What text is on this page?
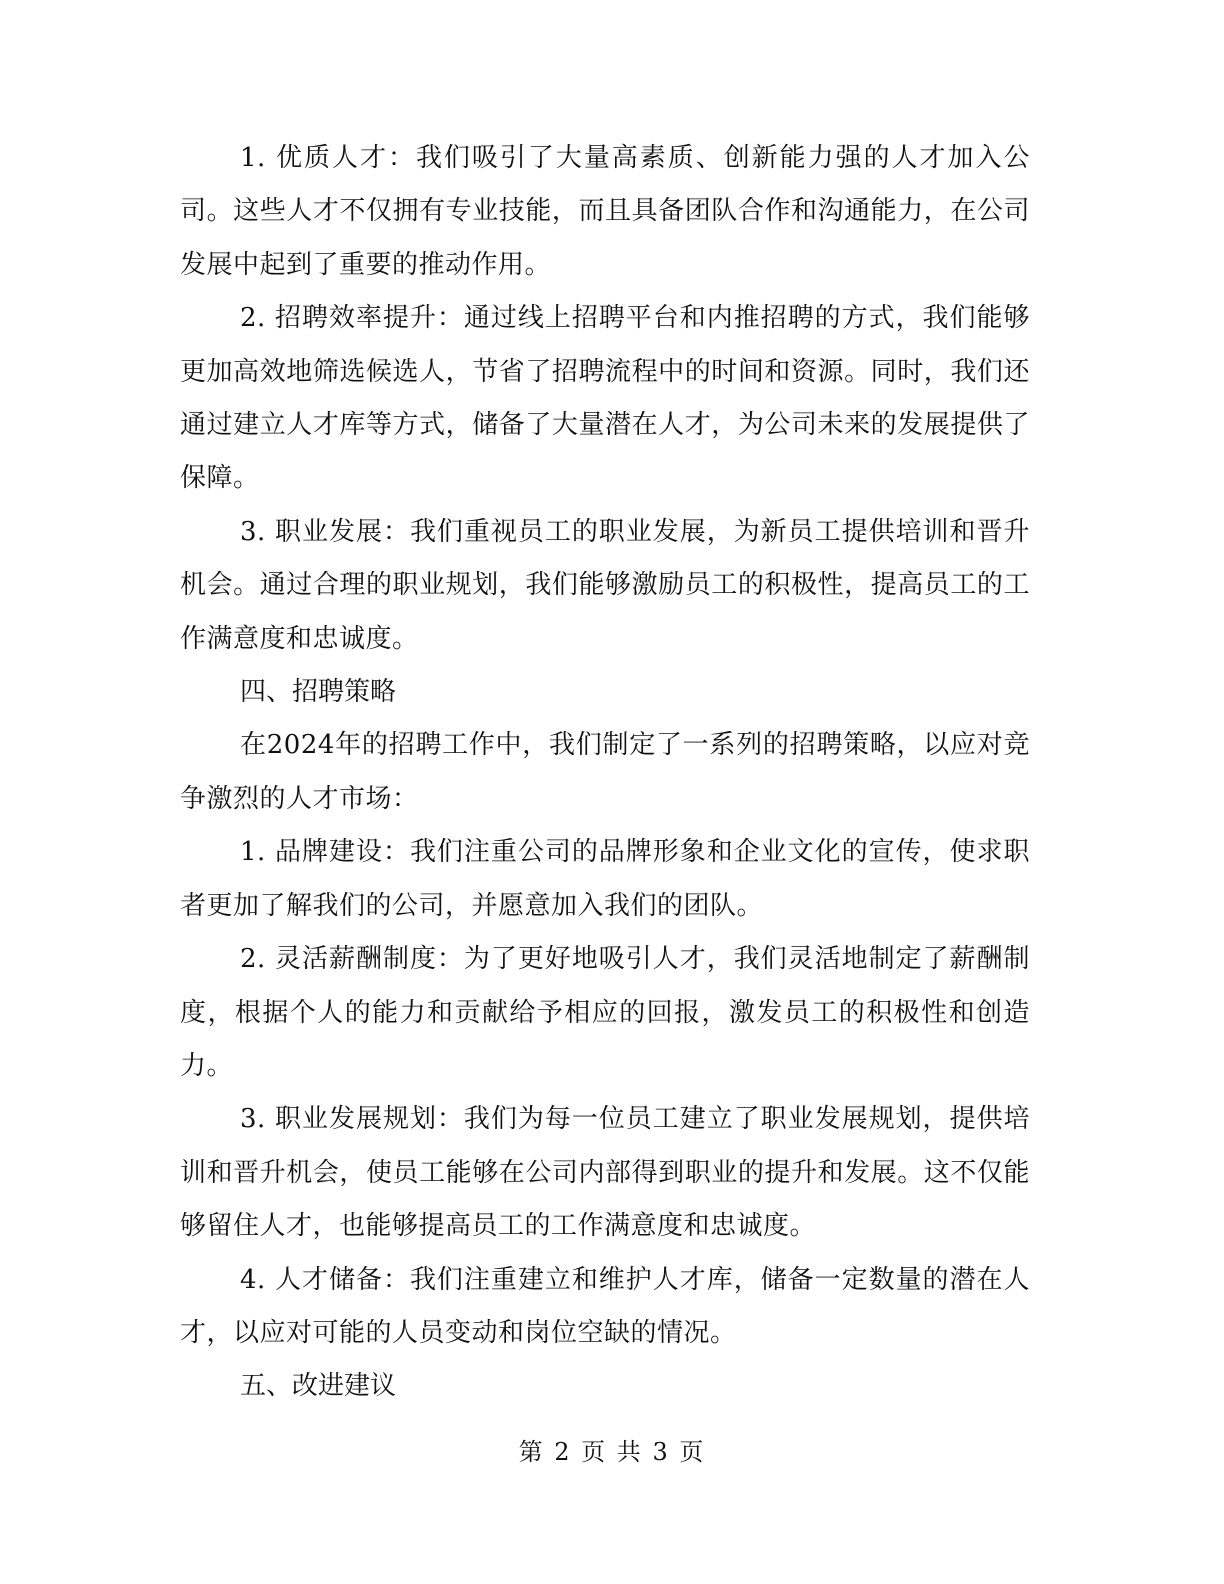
1. 优质人才：我们吸引了大量高素质、创新能力强的人才加入公司。这些人才不仅拥有专业技能，而且具备团队合作和沟通能力，在公司发展中起到了重要的推动作用。

2. 招聘效率提升：通过线上招聘平台和内推招聘的方式，我们能够更加高效地筛选候选人，节省了招聘流程中的时间和资源。同时，我们还通过建立人才库等方式，储备了大量潜在人才，为公司未来的发展提供了保障。

3. 职业发展：我们重视员工的职业发展，为新员工提供培训和晋升机会。通过合理的职业规划，我们能够激励员工的积极性，提高员工的工作满意度和忠诚度。

四、招聘策略

在2024年的招聘工作中，我们制定了一系列的招聘策略，以应对竞争激烈的人才市场：

1. 品牌建设：我们注重公司的品牌形象和企业文化的宣传，使求职者更加了解我们的公司，并愿意加入我们的团队。

2. 灵活薪酬制度：为了更好地吸引人才，我们灵活地制定了薪酬制度，根据个人的能力和贡献给予相应的回报，激发员工的积极性和创造力。

3. 职业发展规划：我们为每一位员工建立了职业发展规划，提供培训和晋升机会，使员工能够在公司内部得到职业的提升和发展。这不仅能够留住人才，也能够提高员工的工作满意度和忠诚度。

4. 人才储备：我们注重建立和维护人才库，储备一定数量的潜在人才，以应对可能的人员变动和岗位空缺的情况。

五、改进建议

第 2 页 共 3 页
